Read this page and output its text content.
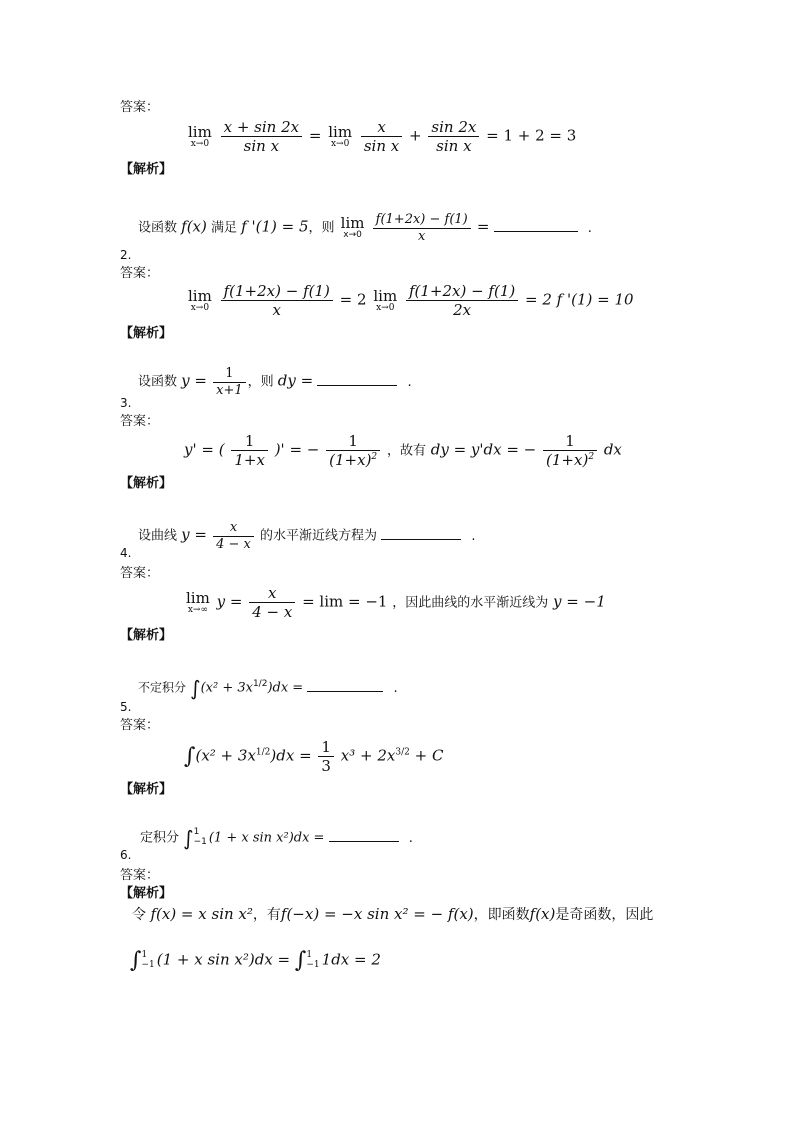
答案：
lim
x→0
$\frac{x + \sin 2x}{\text{sin x}} = \lim$
x→0
$\frac{x}{\text{sin x}} + \frac{\sin 2x}{\text{sin x}} = 1 + 2 = 3$
【解析】
设函数 f(x) 满足 f '(1) = 5，则 lim
x→0
$\frac{f(1+2x) - f(1)}{x}$ =	.
2.
答案：
lim
x→0
$\frac{f(1+2x) - f(1)}{x} = 2$ lim
x→0
$\frac{f(1+2x) - f(1)}{2x} = 2$ f '(1) = 10
【解析】
设函数 $y = \frac{1}{x+1}$ ，则 dy =	.
3.
答案：
y' = ( $\frac{1}{1+x}$ )' = − $\frac{1}{(1+x)^2}$ ，故有 dy = y'dx = − $\frac{1}{(1+x)^2}$ dx
【解析】
设曲线 $y = \frac{x}{4 - x}$ 的水平渐近线方程为	.
4.
答案：
lim
x→∞ $y = \frac{x}{4 - x} = \lim = -1$ ，因此曲线的水平渐近线为 y = −1
【解析】
不定积分 $\int(x^2 + 3x^{1/2})dx$ =	.
5.
答案：
$\int(x^2 + 3x^{1/2})dx = \frac{1}{3} x^3 + 2x^{3/2} + C$
【解析】
定积分 ∫ 1
−1 (1 + x sin x²)dx =	.
6.
答案：
【解析】
令 f(x) = x sin x²，有f(−x) = −x sin x² = − f(x)，即函数f(x)是奇函数，因此
∫ 1
−1 (1 + x sin x²)dx = ∫ 1
−1 1dx = 2
